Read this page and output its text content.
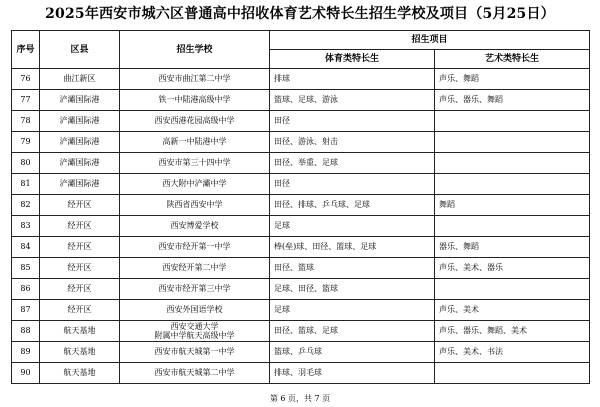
2025年西安市城六区普通高中招收体育艺术特长生招生学校及项目（5月25日）
序号	区县	招生学校	招生项目	
			体育类特长生	艺术类特长生
76	曲江新区	西安市曲江第二中学	排球	声乐、舞蹈
77	浐灞国际港	铁一中陆港高级中学	篮球、足球、游泳	声乐、器乐、舞蹈
78	浐灞国际港	西安西港花园高级中学	田径	
79	浐灞国际港	高新一中陆港中学	田径、游泳、射击	
80	浐灞国际港	西安市第三十四中学	田径、举重、足球	
81	浐灞国际港	西大附中浐灞中学	田径	
82	经开区	陕西省西安中学	田径、排球、乒乓球、足球	舞蹈
83	经开区	西安博爱学校	足球	
84	经开区	西安市经开第一中学	棒(垒)球、田径、篮球、足球	器乐、舞蹈
85	经开区	西安经开第二中学	田径、篮球	声乐、美术、器乐
86	经开区	西安市经开第三中学	足球、田径、篮球	
87	经开区	西安外国语学校	足球	声乐、美术
88	航天基地	西安交通大学
附属中学航天高级中学	田径、篮球、足球	声乐、器乐、舞蹈、美术
89	航天基地	西安市航天城第一中学	篮球、乒乓球	声乐、美术、书法
90	航天基地	西安市航天城第二中学	排球、羽毛球	
第 6 页，共 7 页
